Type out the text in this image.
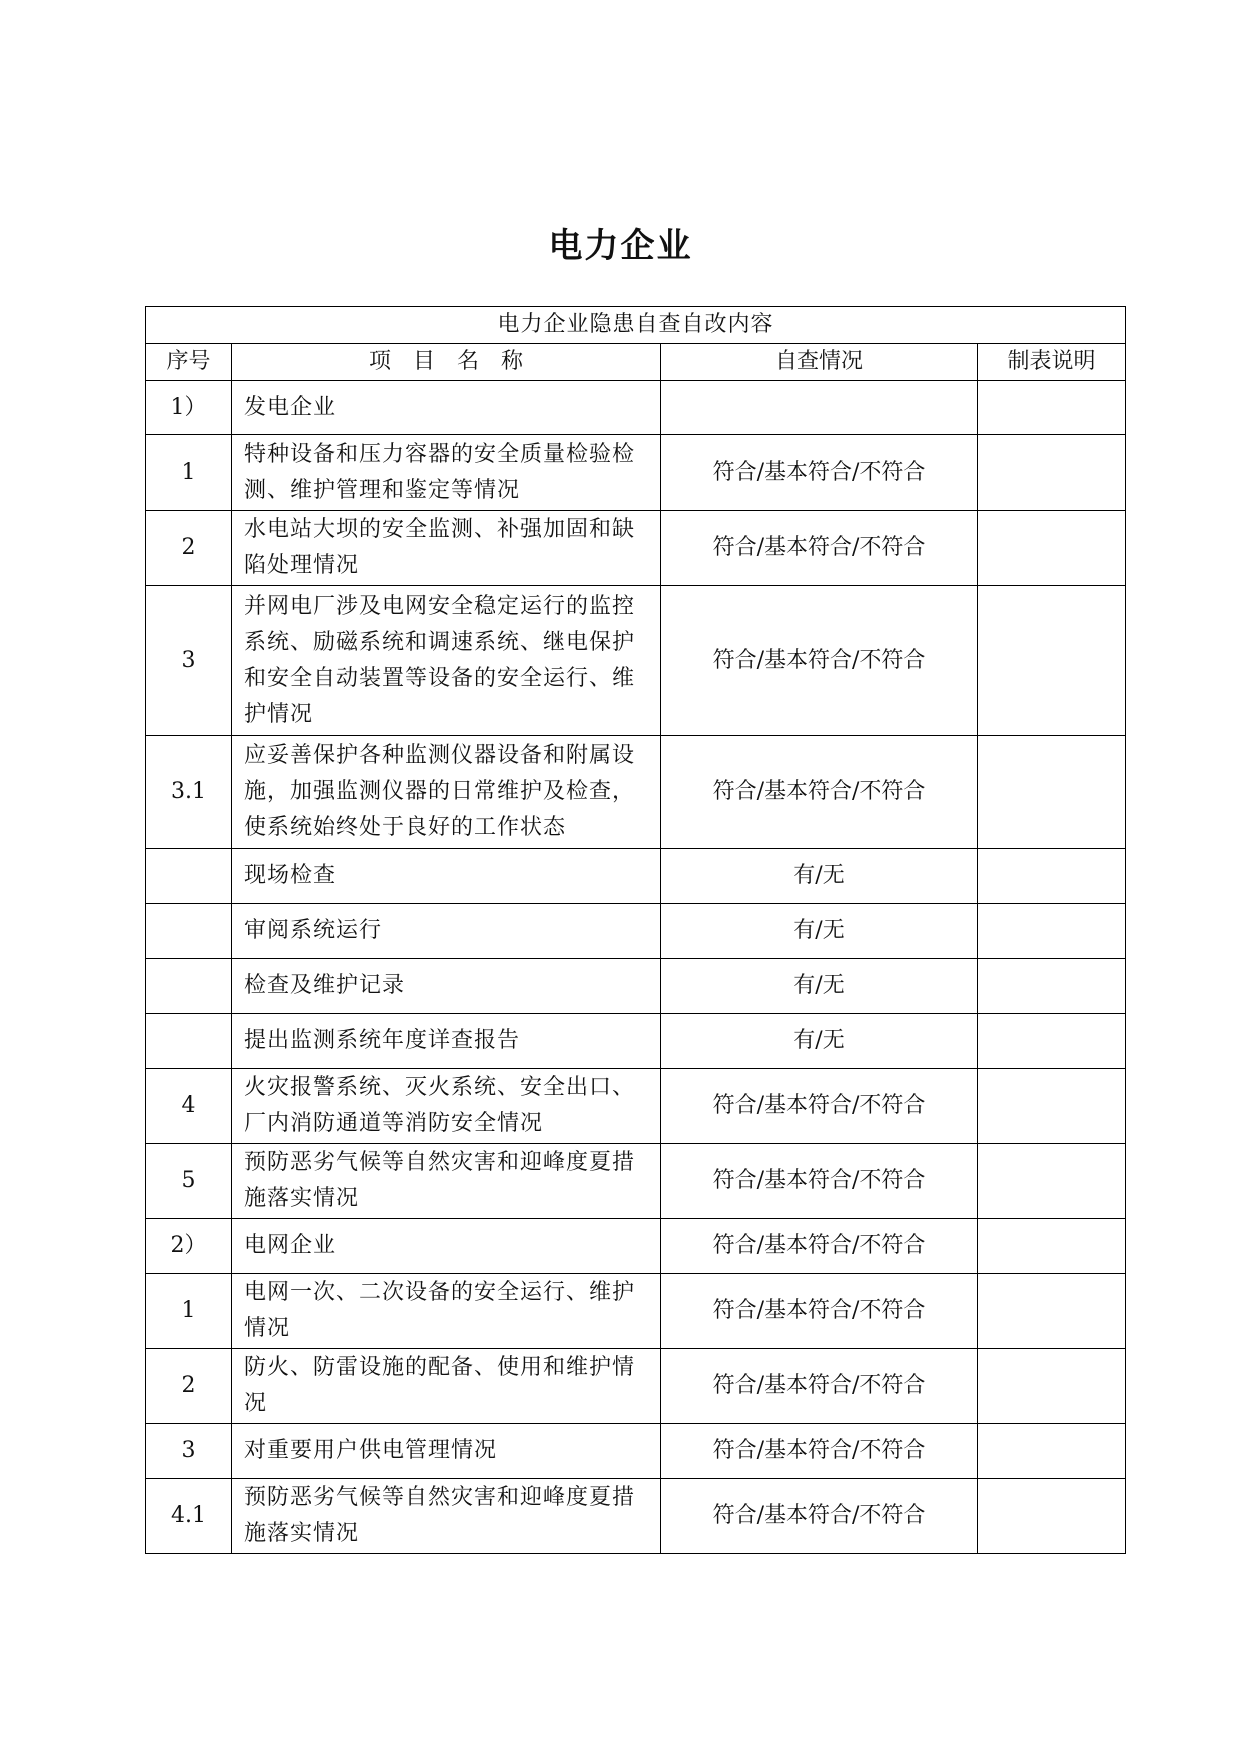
电力企业
电力企业隐患自查自改内容			
序号	项　目　名　称	自查情况	制表说明
1）	发电企业		
1	特种设备和压力容器的安全质量检验检测、维护管理和鉴定等情况	符合/基本符合/不符合	
2	水电站大坝的安全监测、补强加固和缺陷处理情况	符合/基本符合/不符合	
3	并网电厂涉及电网安全稳定运行的监控系统、励磁系统和调速系统、继电保护和安全自动装置等设备的安全运行、维护情况	符合/基本符合/不符合	
3.1	应妥善保护各种监测仪器设备和附属设施，加强监测仪器的日常维护及检查，使系统始终处于良好的工作状态	符合/基本符合/不符合	
	现场检查	有/无	
	审阅系统运行	有/无	
	检查及维护记录	有/无	
	提出监测系统年度详查报告	有/无	
4	火灾报警系统、灭火系统、安全出口、厂内消防通道等消防安全情况	符合/基本符合/不符合	
5	预防恶劣气候等自然灾害和迎峰度夏措施落实情况	符合/基本符合/不符合	
2）	电网企业	符合/基本符合/不符合	
1	电网一次、二次设备的安全运行、维护情况	符合/基本符合/不符合	
2	防火、防雷设施的配备、使用和维护情况	符合/基本符合/不符合	
3	对重要用户供电管理情况	符合/基本符合/不符合	
4.1	预防恶劣气候等自然灾害和迎峰度夏措施落实情况	符合/基本符合/不符合	
